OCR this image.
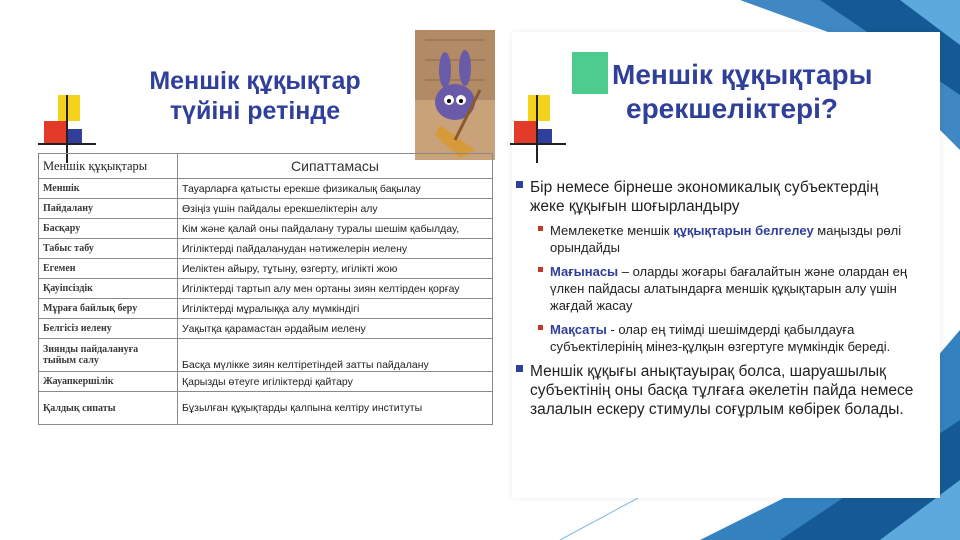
Меншік құқықтар
түйіні ретінде
Меншік құқықтары	Сипаттамасы
Меншік	Тауарларға қатысты ерекше физикалық бақылау
Пайдалану	Өзіңіз үшін пайдалы ерекшеліктерін алу
Басқару	Кім және қалай оны пайдалану туралы шешім қабылдау,
Табыс табу	Игіліктерді пайдаланудан нәтижелерін иелену
Егемен	Иеліктен айыру, тұтыну, өзгерту, игілікті жою
Қауіпсіздік	Игіліктерді тартып алу мен ортаны зиян келтірден қорғау
Мұраға байлық беру	Игіліктерді мұралыққа алу мүмкіндігі
Белгісіз иелену	Уақытқа қарамастан әрдайым иелену
Зиянды пайдалануға тыйым салу	Басқа мүлікке зиян келтіретіндей затты пайдалану
Жауапкершілік	Қарызды өтеуге игіліктерді қайтару
Қалдық сипаты	Бұзылған құқықтарды қалпына келтіру институты
Меншік құқықтары
ерекшеліктері?
Бір немесе бірнеше экономикалық субъектердің жеке құқығын шоғырландыру
Мемлекетке меншік құқықтарын белгелеу маңызды рөлі орындайды
Мағынасы – оларды жоғары бағалайтын және олардан ең үлкен пайдасы алатындарға меншік құқықтарын алу үшін жағдай жасау
Мақсаты - олар ең тиімді шешімдерді қабылдауға субъектілерінің мінез-құлқын өзгертуге мүмкіндік береді.
Меншік құқығы анықтауырақ болса, шаруашылық субъектінің оны басқа тұлғаға әкелетін пайда немесе залалын ескеру стимулы соғұрлым көбірек болады.
